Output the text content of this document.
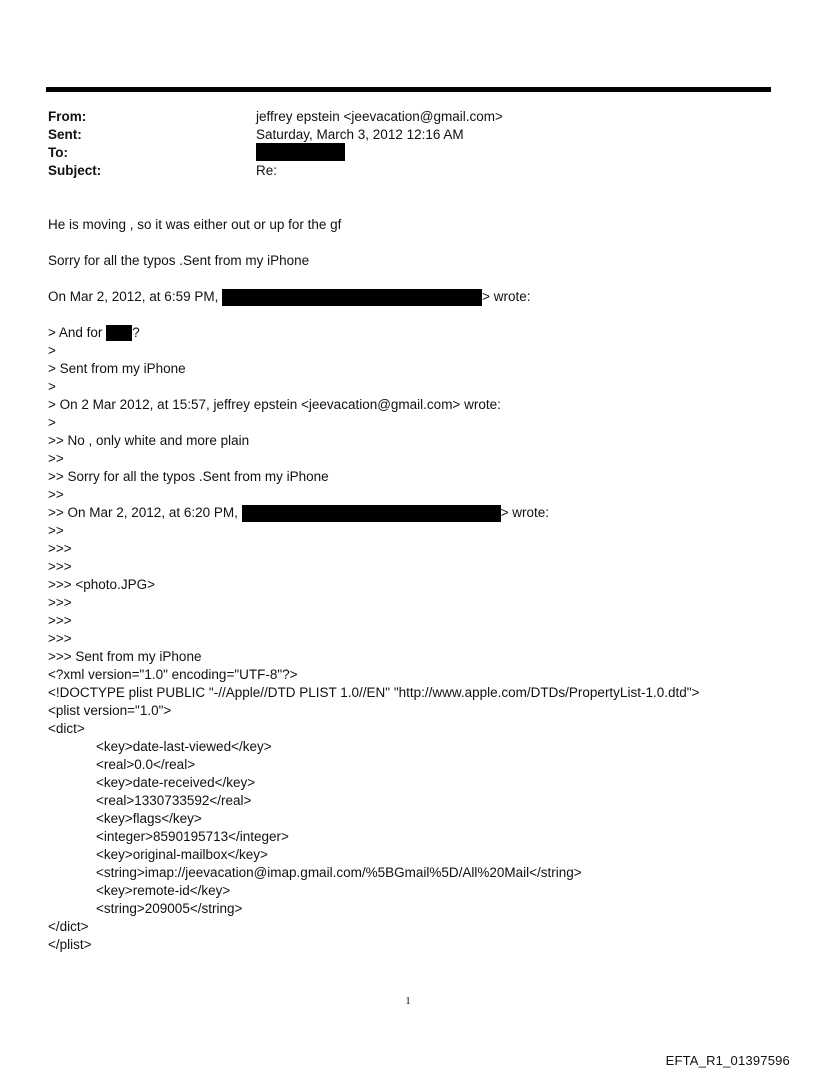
From:	jeffrey epstein <jeevacation@gmail.com>
Sent:	Saturday, March 3, 2012 12:16 AM
To:
Subject:	Re:
He is moving , so it was either out or up for the gf
Sorry for all the typos .Sent from my iPhone
On Mar 2, 2012, at 6:59 PM,	> wrote:
> And for ?
>
> Sent from my iPhone
>
> On 2 Mar 2012, at 15:57, jeffrey epstein <jeevacation@gmail.com> wrote:
>
>> No , only white and more plain
>>
>> Sorry for all the typos .Sent from my iPhone
>>
>> On Mar 2, 2012, at 6:20 PM,	> wrote:
>>
>>>
>>>
>>> <photo.JPG>
>>>
>>>
>>>
>>> Sent from my iPhone
<?xml version="1.0" encoding="UTF-8"?>
<!DOCTYPE plist PUBLIC "-//Apple//DTD PLIST 1.0//EN" "http://www.apple.com/DTDs/PropertyList-1.0.dtd">
<plist version="1.0">
<dict>
<key>date-last-viewed</key>
<real>0.0</real>
<key>date-received</key>
<real>1330733592</real>
<key>flags</key>
<integer>8590195713</integer>
<key>original-mailbox</key>
<string>imap://jeevacation@imap.gmail.com/%5BGmail%5D/All%20Mail</string>
<key>remote-id</key>
<string>209005</string>
</dict>
</plist>
1
EFTA_R1_01397596
